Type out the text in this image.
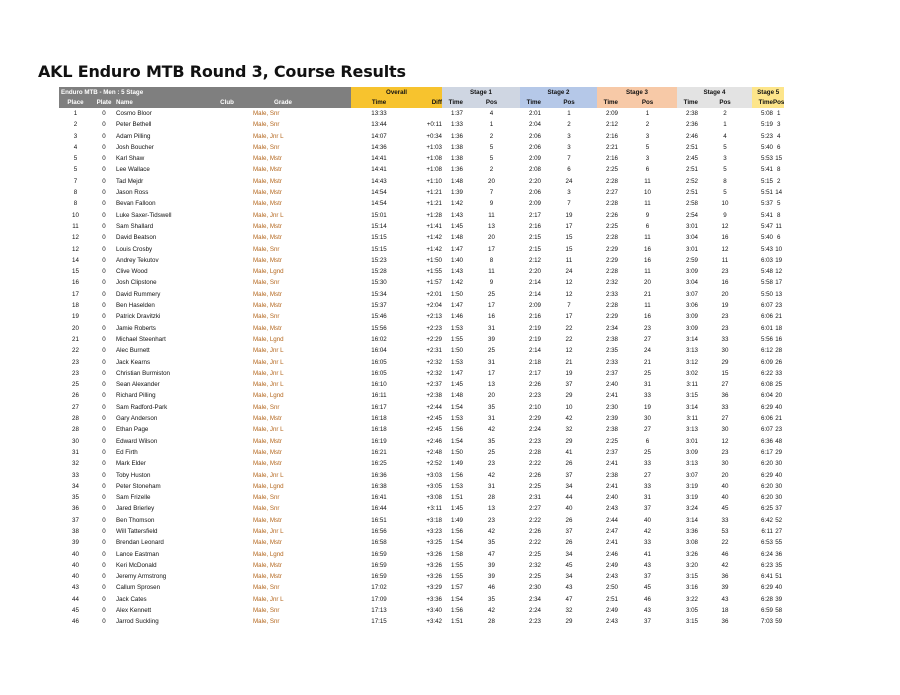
AKL Enduro MTB Round 3, Course Results
Enduro MTB - Men : 5 Stage						Overall		Stage 1		Stage 2		Stage 3		Stage 4		Stage 5	
Place	Plate	Name	Club	Grade		Time	Diff	Time	Pos	Time	Pos	Time	Pos	Time	Pos	Time	Pos
1	0	Cosmo Bloor		Male, Snr		13:33		1:37	4	2:01	1	2:09	1	2:38	2	5:08	1
2	0	Peter Bethell		Male, Snr		13:44	+0:11	1:33	1	2:04	2	2:12	2	2:36	1	5:19	3
3	0	Adam Pilling		Male, Jnr L		14:07	+0:34	1:36	2	2:06	3	2:16	3	2:46	4	5:23	4
4	0	Josh Boucher		Male, Snr		14:36	+1:03	1:38	5	2:06	3	2:21	5	2:51	5	5:40	6
5	0	Karl Shaw		Male, Mstr		14:41	+1:08	1:38	5	2:09	7	2:16	3	2:45	3	5:53	15
5	0	Lee Wallace		Male, Mstr		14:41	+1:08	1:36	2	2:08	6	2:25	6	2:51	5	5:41	8
7	0	Tad Mejdr		Male, Mstr		14:43	+1:10	1:48	20	2:20	24	2:28	11	2:52	8	5:15	2
8	0	Jason Ross		Male, Mstr		14:54	+1:21	1:39	7	2:06	3	2:27	10	2:51	5	5:51	14
8	0	Bevan Falloon		Male, Mstr		14:54	+1:21	1:42	9	2:09	7	2:28	11	2:58	10	5:37	5
10	0	Luke Saxer-Tidswell		Male, Jnr L		15:01	+1:28	1:43	11	2:17	19	2:26	9	2:54	9	5:41	8
11	0	Sam Shallard		Male, Mstr		15:14	+1:41	1:45	13	2:16	17	2:25	6	3:01	12	5:47	11
12	0	David Beatson		Male, Mstr		15:15	+1:42	1:48	20	2:15	15	2:28	11	3:04	16	5:40	6
12	0	Louis Crosby		Male, Snr		15:15	+1:42	1:47	17	2:15	15	2:29	16	3:01	12	5:43	10
14	0	Andrey Tekutov		Male, Mstr		15:23	+1:50	1:40	8	2:12	11	2:29	16	2:59	11	6:03	19
15	0	Clive Wood		Male, Lgnd		15:28	+1:55	1:43	11	2:20	24	2:28	11	3:09	23	5:48	12
16	0	Josh Clipstone		Male, Snr		15:30	+1:57	1:42	9	2:14	12	2:32	20	3:04	16	5:58	17
17	0	David Rummery		Male, Mstr		15:34	+2:01	1:50	25	2:14	12	2:33	21	3:07	20	5:50	13
18	0	Ben Haselden		Male, Mstr		15:37	+2:04	1:47	17	2:09	7	2:28	11	3:06	19	6:07	23
19	0	Patrick Dravitzki		Male, Snr		15:46	+2:13	1:46	16	2:16	17	2:29	16	3:09	23	6:06	21
20	0	Jamie Roberts		Male, Mstr		15:56	+2:23	1:53	31	2:19	22	2:34	23	3:09	23	6:01	18
21	0	Michael Steenhart		Male, Lgnd		16:02	+2:29	1:55	39	2:19	22	2:38	27	3:14	33	5:56	16
22	0	Alec Burnett		Male, Jnr L		16:04	+2:31	1:50	25	2:14	12	2:35	24	3:13	30	6:12	28
23	0	Jack Kearns		Male, Jnr L		16:05	+2:32	1:53	31	2:18	21	2:33	21	3:12	29	6:09	26
23	0	Christian Burmiston		Male, Jnr L		16:05	+2:32	1:47	17	2:17	19	2:37	25	3:02	15	6:22	33
25	0	Sean Alexander		Male, Jnr L		16:10	+2:37	1:45	13	2:26	37	2:40	31	3:11	27	6:08	25
26	0	Richard Pilling		Male, Lgnd		16:11	+2:38	1:48	20	2:23	29	2:41	33	3:15	36	6:04	20
27	0	Sam Radford-Park		Male, Snr		16:17	+2:44	1:54	35	2:10	10	2:30	19	3:14	33	6:29	40
28	0	Gary Anderson		Male, Mstr		16:18	+2:45	1:53	31	2:29	42	2:39	30	3:11	27	6:06	21
28	0	Ethan Page		Male, Jnr L		16:18	+2:45	1:56	42	2:24	32	2:38	27	3:13	30	6:07	23
30	0	Edward Wilson		Male, Mstr		16:19	+2:46	1:54	35	2:23	29	2:25	6	3:01	12	6:36	48
31	0	Ed Firth		Male, Mstr		16:21	+2:48	1:50	25	2:28	41	2:37	25	3:09	23	6:17	29
32	0	Mark Elder		Male, Mstr		16:25	+2:52	1:49	23	2:22	26	2:41	33	3:13	30	6:20	30
33	0	Toby Huston		Male, Jnr L		16:36	+3:03	1:56	42	2:26	37	2:38	27	3:07	20	6:29	40
34	0	Peter Stoneham		Male, Lgnd		16:38	+3:05	1:53	31	2:25	34	2:41	33	3:19	40	6:20	30
35	0	Sam Frizelle		Male, Snr		16:41	+3:08	1:51	28	2:31	44	2:40	31	3:19	40	6:20	30
36	0	Jared Brierley		Male, Snr		16:44	+3:11	1:45	13	2:27	40	2:43	37	3:24	45	6:25	37
37	0	Ben Thomson		Male, Mstr		16:51	+3:18	1:49	23	2:22	26	2:44	40	3:14	33	6:42	52
38	0	Will Tattersfield		Male, Jnr L		16:56	+3:23	1:56	42	2:26	37	2:47	42	3:36	53	6:11	27
39	0	Brendan Leonard		Male, Mstr		16:58	+3:25	1:54	35	2:22	26	2:41	33	3:08	22	6:53	55
40	0	Lance Eastman		Male, Lgnd		16:59	+3:26	1:58	47	2:25	34	2:46	41	3:26	46	6:24	36
40	0	Keri McDonald		Male, Mstr		16:59	+3:26	1:55	39	2:32	45	2:49	43	3:20	42	6:23	35
40	0	Jeremy Armstrong		Male, Mstr		16:59	+3:26	1:55	39	2:25	34	2:43	37	3:15	36	6:41	51
43	0	Callum Sprosen		Male, Snr		17:02	+3:29	1:57	46	2:30	43	2:50	45	3:16	39	6:29	40
44	0	Jack Cates		Male, Jnr L		17:09	+3:36	1:54	35	2:34	47	2:51	46	3:22	43	6:28	39
45	0	Alex Kennett		Male, Snr		17:13	+3:40	1:56	42	2:24	32	2:49	43	3:05	18	6:59	58
46	0	Jarrod Suckling		Male, Snr		17:15	+3:42	1:51	28	2:23	29	2:43	37	3:15	36	7:03	59
